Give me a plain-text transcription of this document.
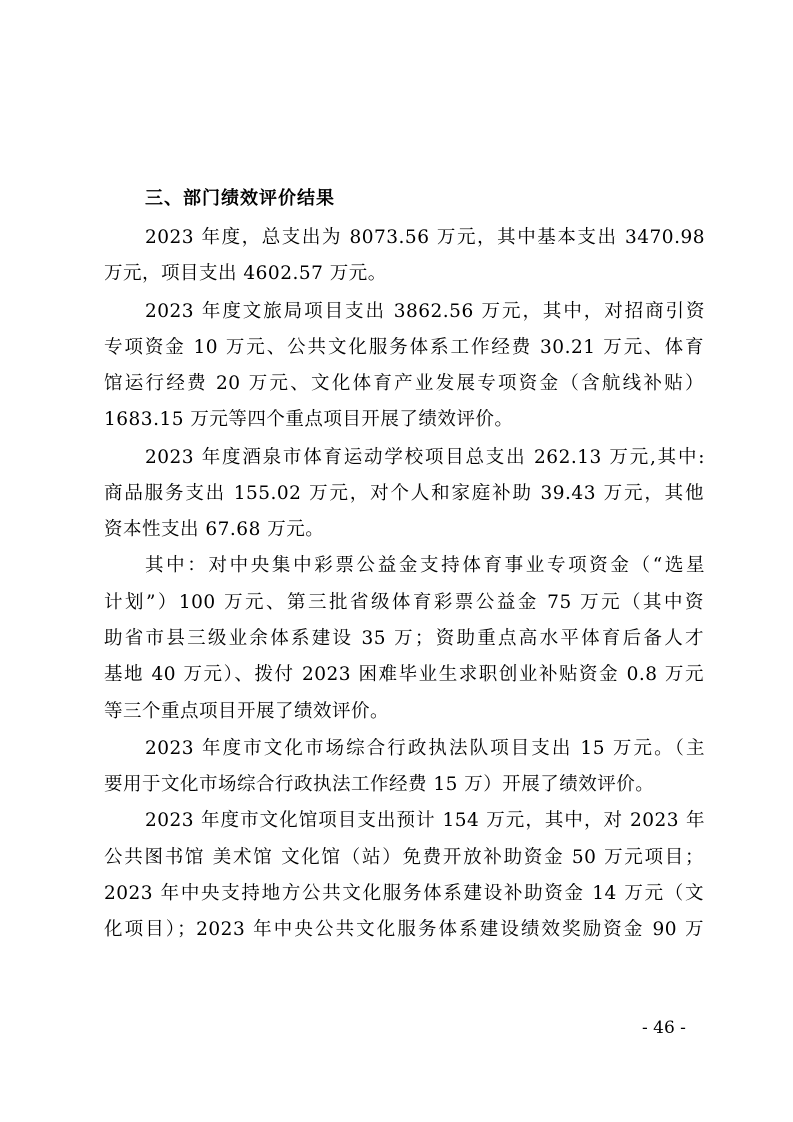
三、部门绩效评价结果
2023 年度，总支出为 8073.56 万元，其中基本支出 3470.98
万元，项目支出 4602.57 万元。
2023 年度文旅局项目支出 3862.56 万元，其中，对招商引资
专项资金 10 万元、公共文化服务体系工作经费 30.21 万元、体育
馆运行经费 20 万元、文化体育产业发展专项资金（含航线补贴）
1683.15 万元等四个重点项目开展了绩效评价。
2023 年度酒泉市体育运动学校项目总支出 262.13 万元,其中:
商品服务支出 155.02 万元，对个人和家庭补助 39.43 万元，其他
资本性支出 67.68 万元。
其中：对中央集中彩票公益金支持体育事业专项资金（“选星
计划”）100 万元、第三批省级体育彩票公益金 75 万元（其中资
助省市县三级业余体系建设 35 万；资助重点高水平体育后备人才
基地 40 万元）、拨付 2023 困难毕业生求职创业补贴资金 0.8 万元
等三个重点项目开展了绩效评价。
2023 年度市文化市场综合行政执法队项目支出 15 万元。（主
要用于文化市场综合行政执法工作经费 15 万）开展了绩效评价。
2023 年度市文化馆项目支出预计 154 万元，其中，对 2023 年
公共图书馆 美术馆 文化馆（站）免费开放补助资金 50 万元项目；
2023 年中央支持地方公共文化服务体系建设补助资金 14 万元（文
化项目）；2023 年中央公共文化服务体系建设绩效奖励资金 90 万
- 46 -
